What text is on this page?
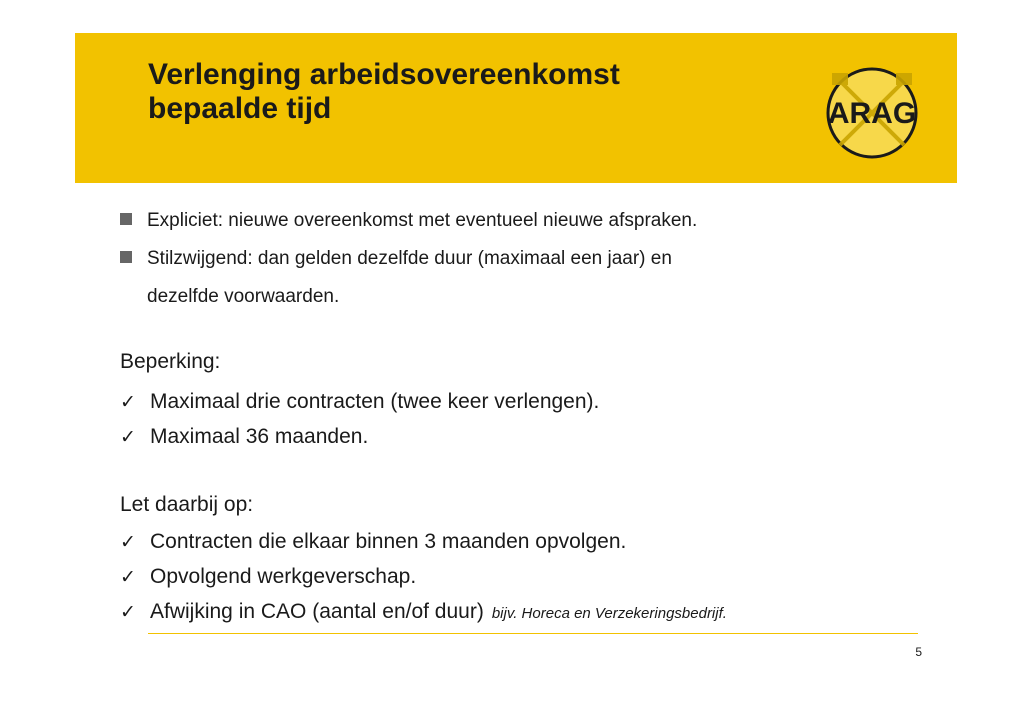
Verlenging arbeidsovereenkomst
bepaalde tijd	ARAG
Expliciet: nieuwe overeenkomst met eventueel nieuwe afspraken.
Stilzwijgend: dan gelden dezelfde duur (maximaal een jaar) en
dezelfde voorwaarden.
Beperking:
✓ Maximaal drie contracten (twee keer verlengen).
✓ Maximaal 36 maanden.
Let daarbij op:
✓ Contracten die elkaar binnen 3 maanden opvolgen.
✓ Opvolgend werkgeverschap.
✓ Afwijking in CAO (aantal en/of duur) bijv. Horeca en Verzekeringsbedrijf.
5
